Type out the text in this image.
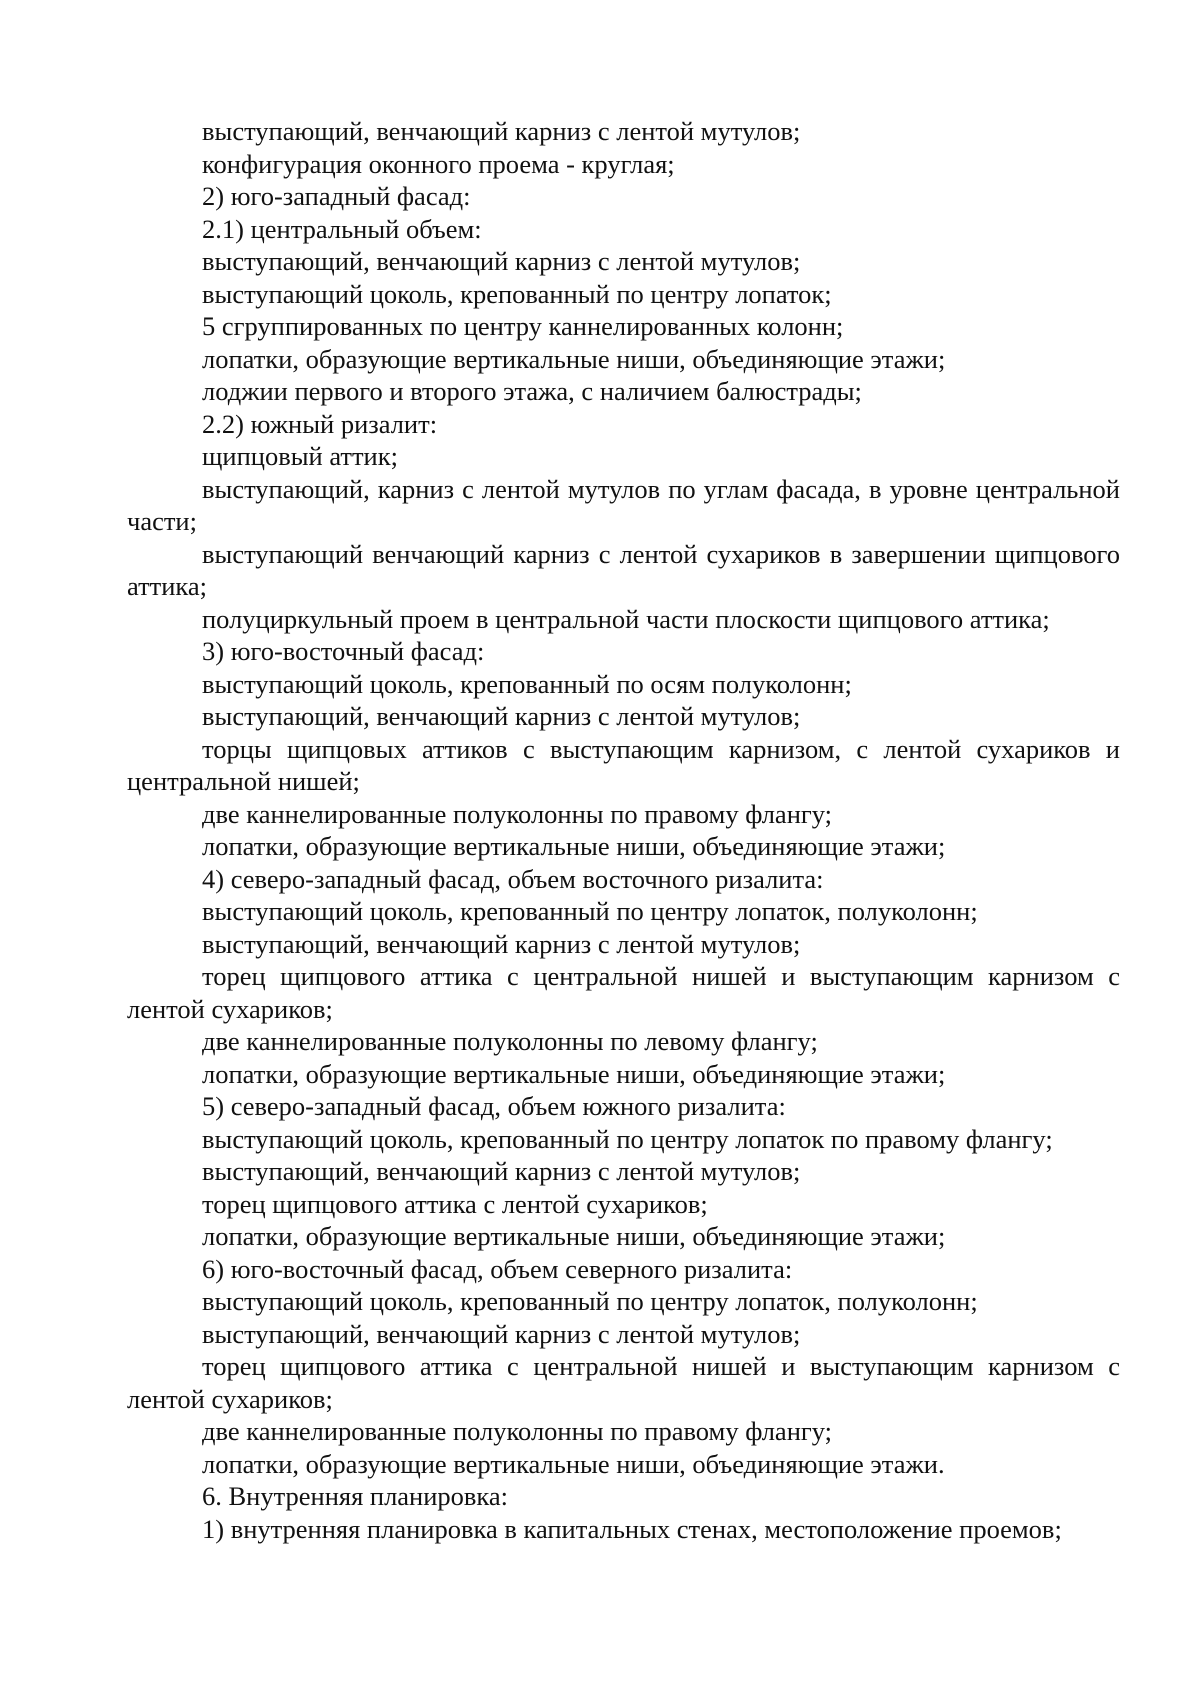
выступающий, венчающий карниз с лентой мутулов;

конфигурация оконного проема - круглая;

2) юго-западный фасад:

2.1) центральный объем:

выступающий, венчающий карниз с лентой мутулов;

выступающий цоколь, крепованный по центру лопаток;

5 сгруппированных по центру каннелированных колонн;

лопатки, образующие вертикальные ниши, объединяющие этажи;

лоджии первого и второго этажа, с наличием балюстрады;

2.2) южный ризалит:

щипцовый аттик;

выступающий, карниз с лентой мутулов по углам фасада, в уровне центральной части;

выступающий венчающий карниз с лентой сухариков в завершении щипцового аттика;

полуциркульный проем в центральной части плоскости щипцового аттика;

3) юго-восточный фасад:

выступающий цоколь, крепованный по осям полуколонн;

выступающий, венчающий карниз с лентой мутулов;

торцы щипцовых аттиков с выступающим карнизом, с лентой сухариков и центральной нишей;

две каннелированные полуколонны по правому флангу;

лопатки, образующие вертикальные ниши, объединяющие этажи;

4) северо-западный фасад, объем восточного ризалита:

выступающий цоколь, крепованный по центру лопаток, полуколонн;

выступающий, венчающий карниз с лентой мутулов;

торец щипцового аттика с центральной нишей и выступающим карнизом с лентой сухариков;

две каннелированные полуколонны по левому флангу;

лопатки, образующие вертикальные ниши, объединяющие этажи;

5) северо-западный фасад, объем южного ризалита:

выступающий цоколь, крепованный по центру лопаток по правому флангу;

выступающий, венчающий карниз с лентой мутулов;

торец щипцового аттика с лентой сухариков;

лопатки, образующие вертикальные ниши, объединяющие этажи;

6) юго-восточный фасад, объем северного ризалита:

выступающий цоколь, крепованный по центру лопаток, полуколонн;

выступающий, венчающий карниз с лентой мутулов;

торец щипцового аттика с центральной нишей и выступающим карнизом с лентой сухариков;

две каннелированные полуколонны по правому флангу;

лопатки, образующие вертикальные ниши, объединяющие этажи.

6. Внутренняя планировка:

1) внутренняя планировка в капитальных стенах, местоположение проемов;
